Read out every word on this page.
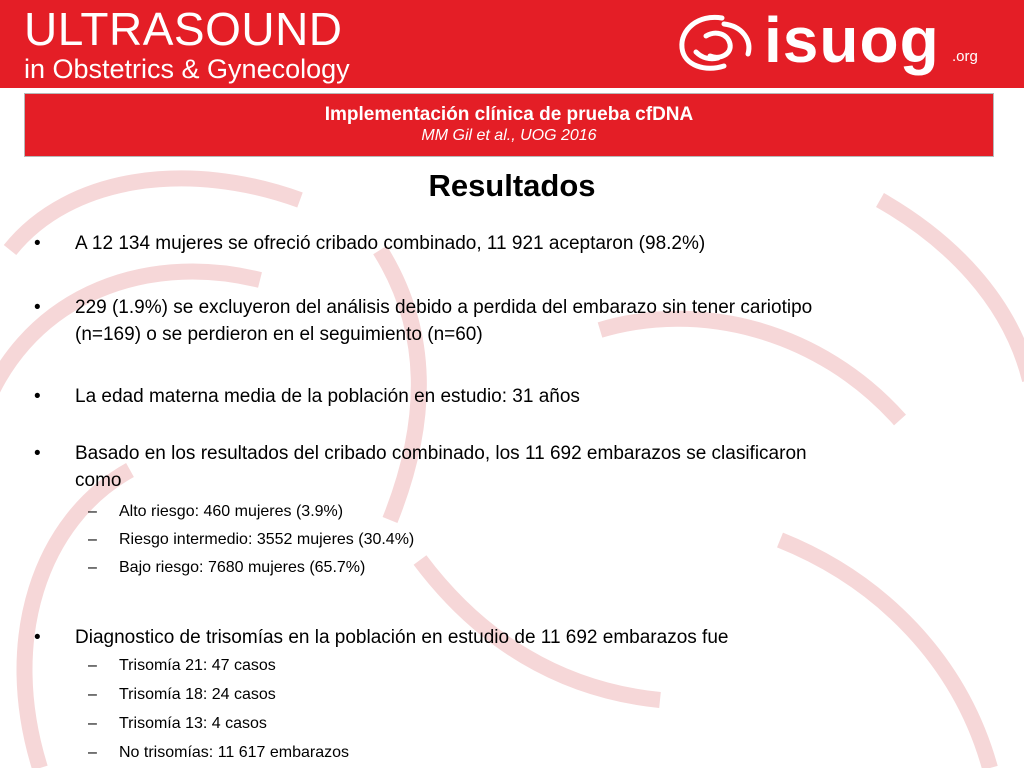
ULTRASOUND
in Obstetrics & Gynecology	isuog .org
Implementación clínica de prueba cfDNA
MM Gil et al., UOG 2016
Resultados
• A 12 134 mujeres se ofreció cribado combinado, 11 921 aceptaron (98.2%)
• 229 (1.9%) se excluyeron del análisis debido a perdida del embarazo sin tener cariotipo
(n=169) o se perdieron en el seguimiento (n=60)
• La edad materna media de la población en estudio: 31 años
• Basado en los resultados del cribado combinado, los 11 692 embarazos se clasificaron
como
– Alto riesgo: 460 mujeres (3.9%)
– Riesgo intermedio: 3552 mujeres (30.4%)
– Bajo riesgo: 7680 mujeres (65.7%)
• Diagnostico de trisomías en la población en estudio de 11 692 embarazos fue
– Trisomía 21: 47 casos
– Trisomía 18: 24 casos
– Trisomía 13: 4 casos
– No trisomías: 11 617 embarazos
